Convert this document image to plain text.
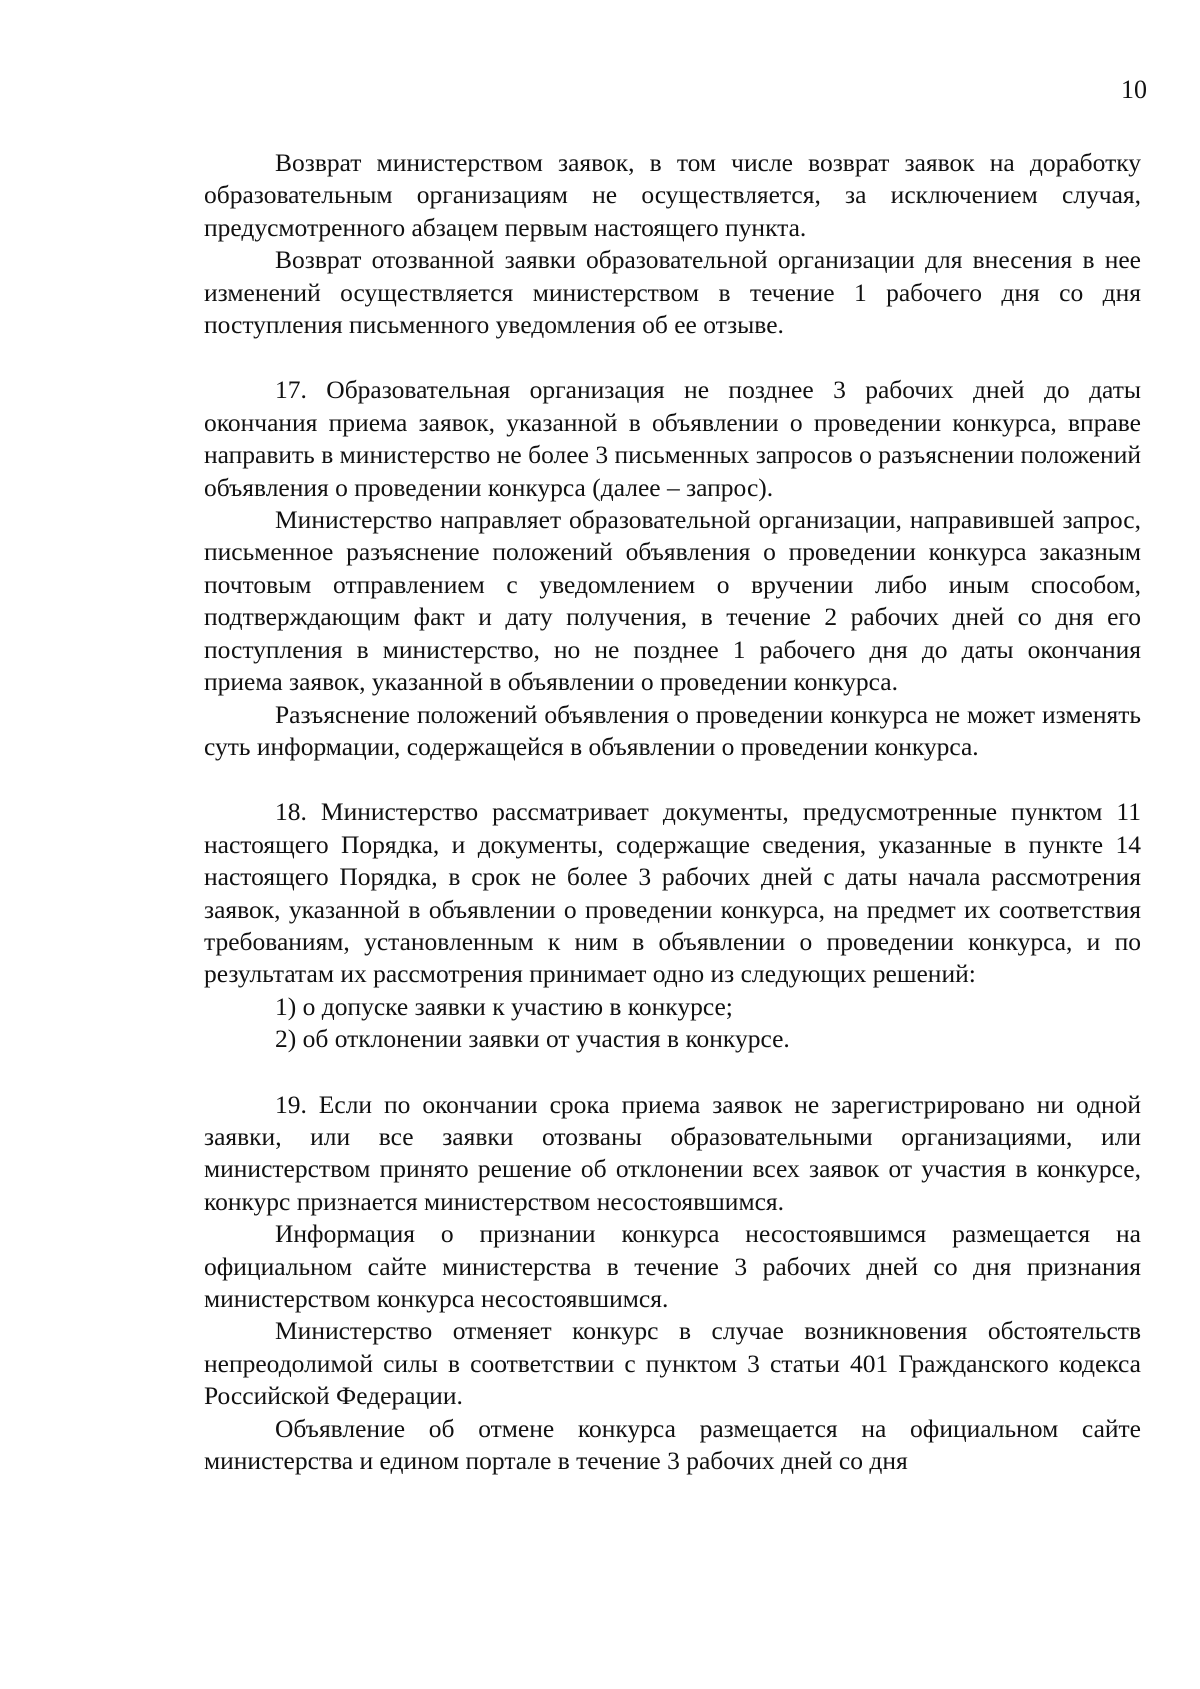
10

Возврат министерством заявок, в том числе возврат заявок на доработку образовательным организациям не осуществляется, за исключением случая, предусмотренного абзацем первым настоящего пункта.

Возврат отозванной заявки образовательной организации для внесения в нее изменений осуществляется министерством в течение 1 рабочего дня со дня поступления письменного уведомления об ее отзыве.

17. Образовательная организация не позднее 3 рабочих дней до даты окончания приема заявок, указанной в объявлении о проведении конкурса, вправе направить в министерство не более 3 письменных запросов о разъяснении положений объявления о проведении конкурса (далее – запрос).

Министерство направляет образовательной организации, направившей запрос, письменное разъяснение положений объявления о проведении конкурса заказным почтовым отправлением с уведомлением о вручении либо иным способом, подтверждающим факт и дату получения, в течение 2 рабочих дней со дня его поступления в министерство, но не позднее 1 рабочего дня до даты окончания приема заявок, указанной в объявлении о проведении конкурса.

Разъяснение положений объявления о проведении конкурса не может изменять суть информации, содержащейся в объявлении о проведении конкурса.

18. Министерство рассматривает документы, предусмотренные пунктом 11 настоящего Порядка, и документы, содержащие сведения, указанные в пункте 14 настоящего Порядка, в срок не более 3 рабочих дней с даты начала рассмотрения заявок, указанной в объявлении о проведении конкурса, на предмет их соответствия требованиям, установленным к ним в объявлении о проведении конкурса, и по результатам их рассмотрения принимает одно из следующих решений:

1) о допуске заявки к участию в конкурсе;

2) об отклонении заявки от участия в конкурсе.

19. Если по окончании срока приема заявок не зарегистрировано ни одной заявки, или все заявки отозваны образовательными организациями, или министерством принято решение об отклонении всех заявок от участия в конкурсе, конкурс признается министерством несостоявшимся.

Информация о признании конкурса несостоявшимся размещается на официальном сайте министерства в течение 3 рабочих дней со дня признания министерством конкурса несостоявшимся.

Министерство отменяет конкурс в случае возникновения обстоятельств непреодолимой силы в соответствии с пунктом 3 статьи 401 Гражданского кодекса Российской Федерации.

Объявление об отмене конкурса размещается на официальном сайте министерства и едином портале в течение 3 рабочих дней со дня
